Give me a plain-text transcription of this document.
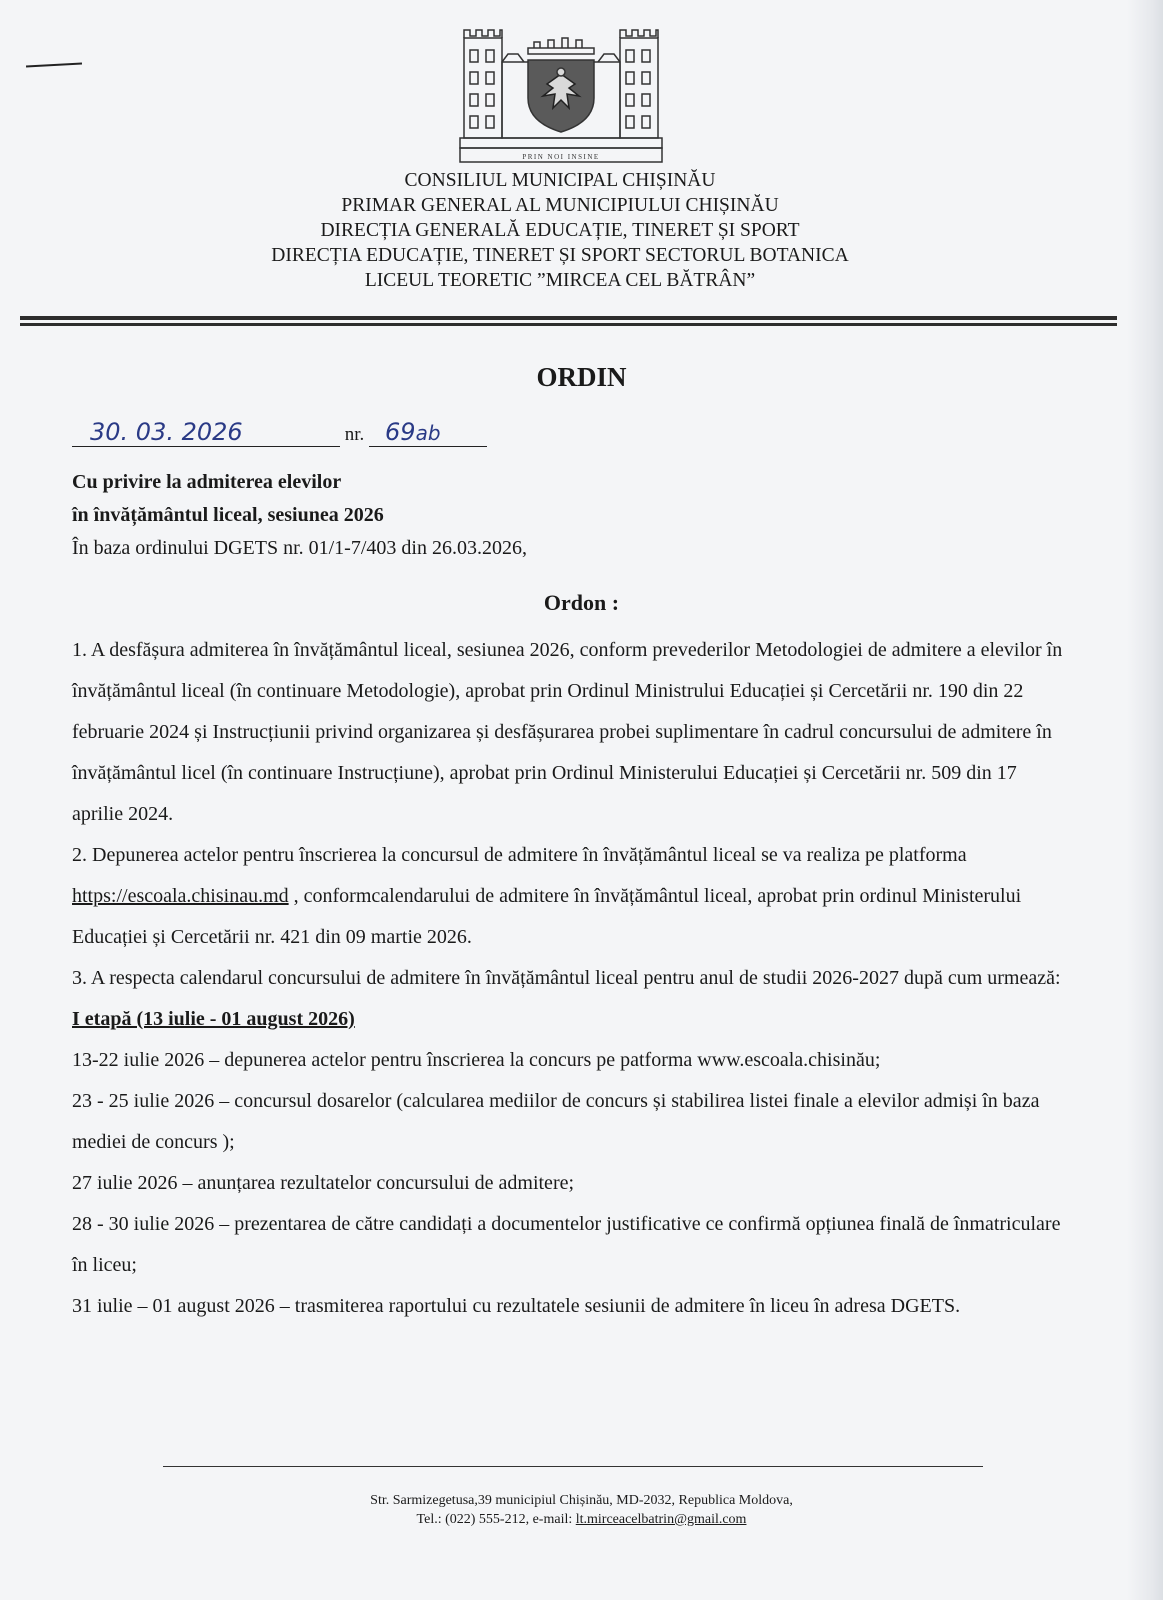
PRIN NOI INSINE
CONSILIUL MUNICIPAL CHIȘINĂU
PRIMAR GENERAL AL MUNICIPIULUI CHIȘINĂU
DIRECȚIA GENERALĂ EDUCAȚIE, TINERET ȘI SPORT
DIRECȚIA EDUCAȚIE, TINERET ȘI SPORT SECTORUL BOTANICA
LICEUL TEORETIC ”MIRCEA CEL BĂTRÂN”
ORDIN
30. 03. 2026	nr. 69ab
Cu privire la admiterea elevilor
în învățământul liceal, sesiunea 2026
În baza ordinului DGETS nr. 01/1-7/403 din 26.03.2026,
Ordon :

1. A desfășura admiterea în învățământul liceal, sesiunea 2026, conform prevederilor Metodologiei de admitere a elevilor în învățământul liceal (în continuare Metodologie), aprobat prin Ordinul Ministrului Educației și Cercetării nr. 190 din 22 februarie 2024 și Instrucțiunii privind organizarea și desfășurarea probei suplimentare în cadrul concursului de admitere în învățământul licel (în continuare Instrucțiune), aprobat prin Ordinul Ministerului Educației și Cercetării nr. 509 din 17 aprilie 2024.

2. Depunerea actelor pentru înscrierea la concursul de admitere în învățământul liceal se va realiza pe platforma https://escoala.chisinau.md , conformcalendarului de admitere în învățământul liceal, aprobat prin ordinul Ministerului Educației și Cercetării nr. 421 din 09 martie 2026.

3. A respecta calendarul concursului de admitere în învățământul liceal pentru anul de studii 2026-2027 după cum urmează:

I etapă (13 iulie - 01 august 2026)

13-22 iulie 2026 – depunerea actelor pentru înscrierea la concurs pe patforma www.escoala.chisinău;

23 - 25 iulie 2026 – concursul dosarelor (calcularea mediilor de concurs și stabilirea listei finale a elevilor admiși în baza mediei de concurs );

27 iulie 2026 – anunțarea rezultatelor concursului de admitere;

28 - 30 iulie 2026 – prezentarea de către candidați a documentelor justificative ce confirmă opțiunea finală de înmatriculare în liceu;

31 iulie – 01 august 2026 – trasmiterea raportului cu rezultatele sesiunii de admitere în liceu în adresa DGETS.

Str. Sarmizegetusa,39 municipiul Chișinău, MD-2032, Republica Moldova,
Tel.: (022) 555-212, e-mail: lt.mirceacelbatrin@gmail.com
